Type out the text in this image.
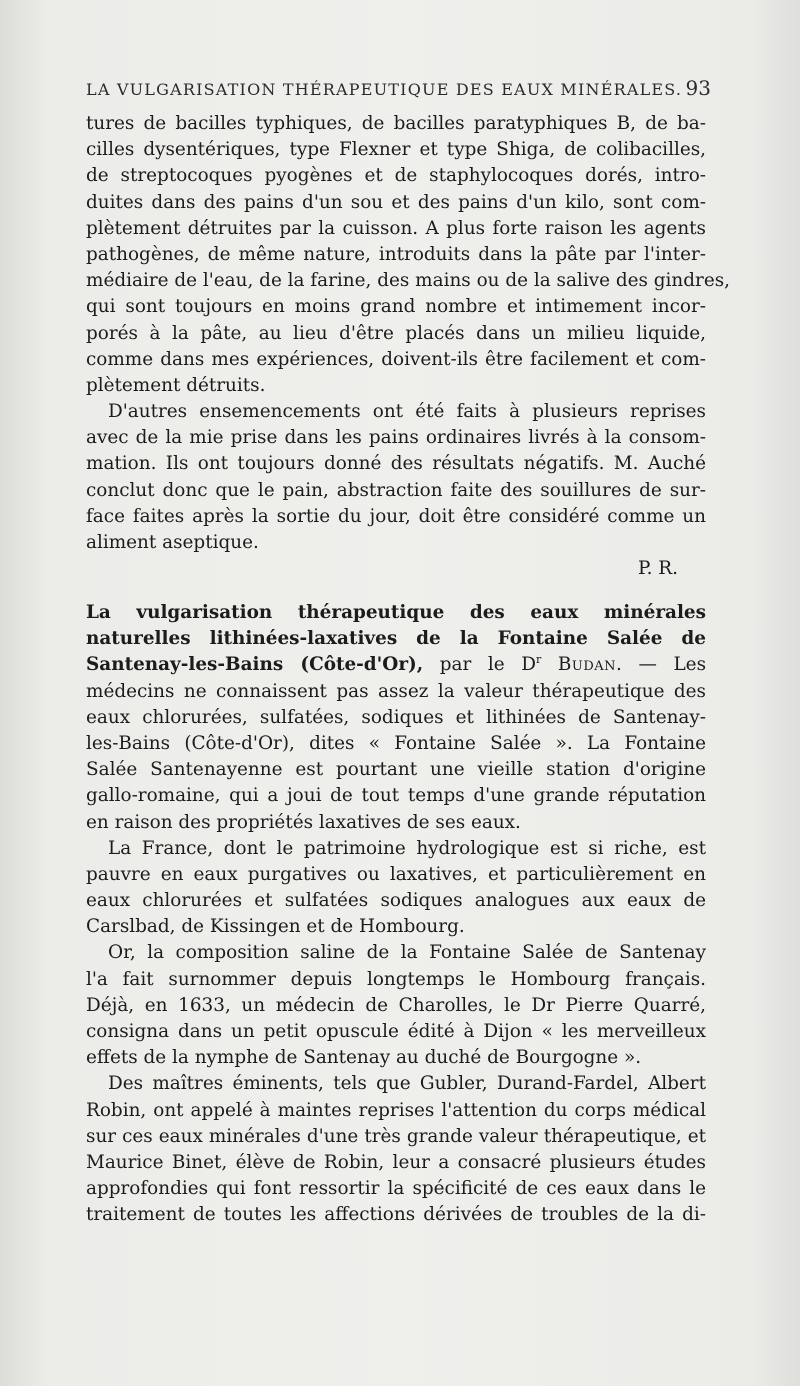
LA VULGARISATION THÉRAPEUTIQUE DES EAUX MINÉRALES. 93
tures de bacilles typhiques, de bacilles paratyphiques B, de ba-
cilles dysentériques, type Flexner et type Shiga, de colibacilles,
de streptocoques pyogènes et de staphylocoques dorés, intro-
duites dans des pains d'un sou et des pains d'un kilo, sont com-
plètement détruites par la cuisson. A plus forte raison les agents
pathogènes, de même nature, introduits dans la pâte par l'inter-
médiaire de l'eau, de la farine, des mains ou de la salive des gindres,
qui sont toujours en moins grand nombre et intimement incor-
porés à la pâte, au lieu d'être placés dans un milieu liquide,
comme dans mes expériences, doivent-ils être facilement et com-
plètement détruits.
D'autres ensemencements ont été faits à plusieurs reprises
avec de la mie prise dans les pains ordinaires livrés à la consom-
mation. Ils ont toujours donné des résultats négatifs. M. Auché
conclut donc que le pain, abstraction faite des souillures de sur-
face faites après la sortie du jour, doit être considéré comme un
aliment aseptique.
P. R.
La vulgarisation thérapeutique des eaux minérales
naturelles lithinées-laxatives de la Fontaine Salée de
Santenay-les-Bains (Côte-d'Or), par le $D^r$ Budan. — Les
médecins ne connaissent pas assez la valeur thérapeutique des
eaux chlorurées, sulfatées, sodiques et lithinées de Santenay-
les-Bains (Côte-d'Or), dites « Fontaine Salée ». La Fontaine
Salée Santenayenne est pourtant une vieille station d'origine
gallo-romaine, qui a joui de tout temps d'une grande réputation
en raison des propriétés laxatives de ses eaux.
La France, dont le patrimoine hydrologique est si riche, est
pauvre en eaux purgatives ou laxatives, et particulièrement en
eaux chlorurées et sulfatées sodiques analogues aux eaux de
Carslbad, de Kissingen et de Hombourg.
Or, la composition saline de la Fontaine Salée de Santenay
l'a fait surnommer depuis longtemps le Hombourg français.
Déjà, en 1633, un médecin de Charolles, le Dr Pierre Quarré,
consigna dans un petit opuscule édité à Dijon « les merveilleux
effets de la nymphe de Santenay au duché de Bourgogne ».
Des maîtres éminents, tels que Gubler, Durand-Fardel, Albert
Robin, ont appelé à maintes reprises l'attention du corps médical
sur ces eaux minérales d'une très grande valeur thérapeutique, et
Maurice Binet, élève de Robin, leur a consacré plusieurs études
approfondies qui font ressortir la spécificité de ces eaux dans le
traitement de toutes les affections dérivées de troubles de la di-
